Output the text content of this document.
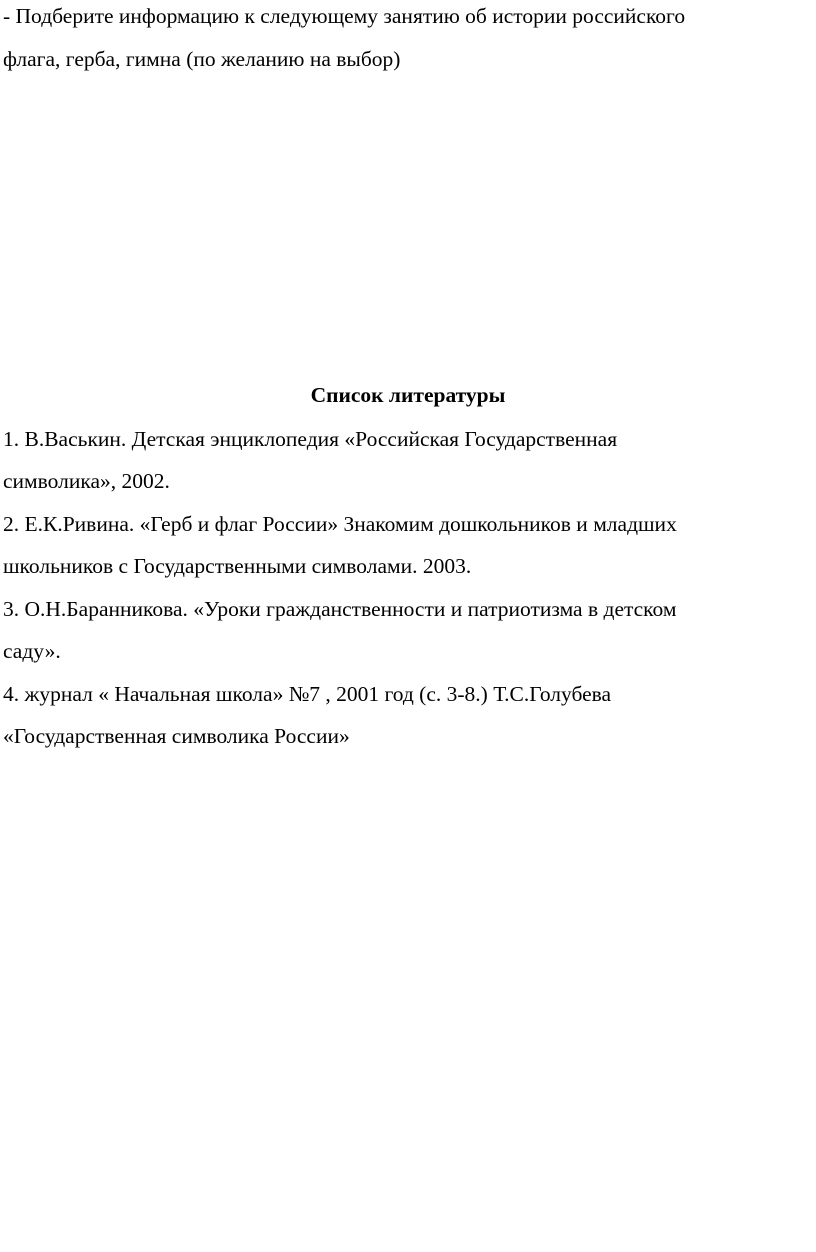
- Подберите информацию к следующему занятию об истории российского
флага, герба, гимна (по желанию на выбор)
Список литературы
1. В.Васькин. Детская энциклопедия «Российская Государственная
символика», 2002.
2. Е.К.Ривина. «Герб и флаг России» Знакомим дошкольников и младших
школьников с Государственными символами. 2003.
3. О.Н.Баранникова. «Уроки гражданственности и патриотизма в детском
саду».
4. журнал « Начальная школа» №7 , 2001 год (с. 3-8.) Т.С.Голубева
«Государственная символика России»
